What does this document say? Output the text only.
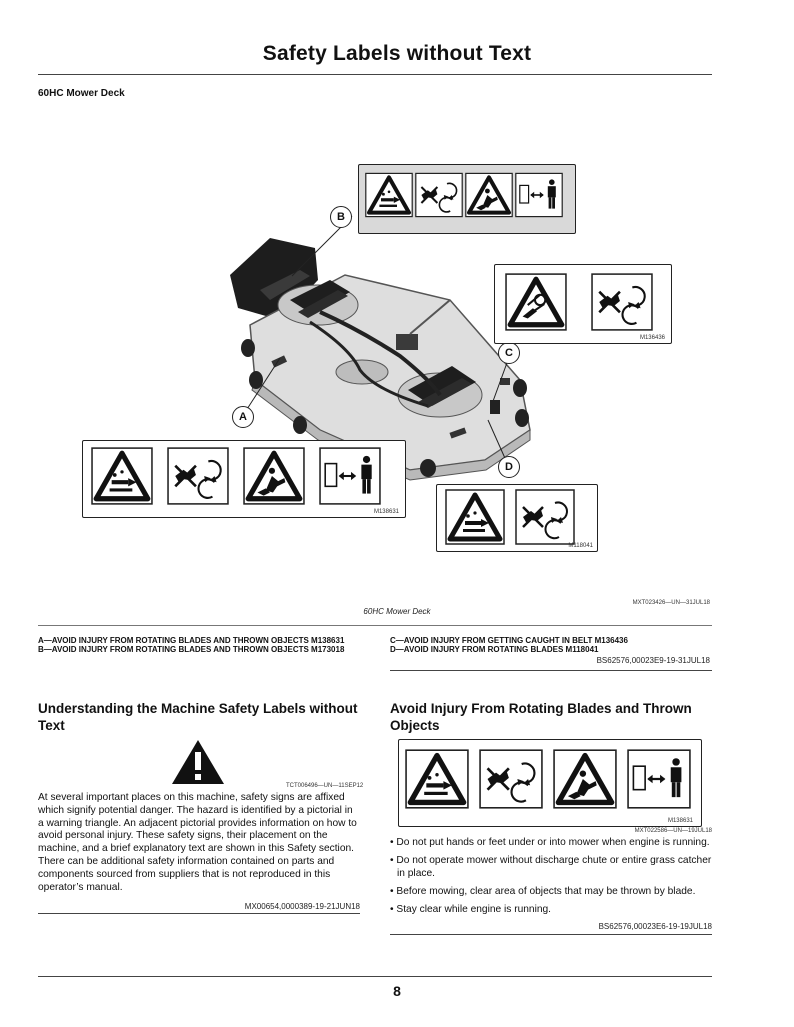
Safety Labels without Text
60HC Mower Deck
B
C
A
D
M136436
M138631
M118041
MXT023426—UN—31JUL18
60HC Mower Deck
A—AVOID INJURY FROM ROTATING BLADES AND THROWN OBJECTS M138631
B—AVOID INJURY FROM ROTATING BLADES AND THROWN OBJECTS M173018
C—AVOID INJURY FROM GETTING CAUGHT IN BELT M136436
D—AVOID INJURY FROM ROTATING BLADES M118041
BS62576,00023E9-19-31JUL18
Understanding the Machine Safety Labels without Text
TCT006496—UN—11SEP12
At several important places on this machine, safety signs are affixed which signify potential danger. The hazard is identified by a pictorial in a warning triangle. An adjacent pictorial provides information on how to avoid personal injury. These safety signs, their placement on the machine, and a brief explanatory text are shown in this Safety section.
There can be additional safety information contained on parts and components sourced from suppliers that is not reproduced in this operator’s manual.
MX00654,0000389-19-21JUN18
Avoid Injury From Rotating Blades and Thrown Objects
M138631
MXT022586—UN—19JUL18
• Do not put hands or feet under or into mower when engine is running.
• Do not operate mower without discharge chute or entire grass catcher in place.
• Before mowing, clear area of objects that may be thrown by blade.
• Stay clear while engine is running.
BS62576,00023E6-19-19JUL18
8
